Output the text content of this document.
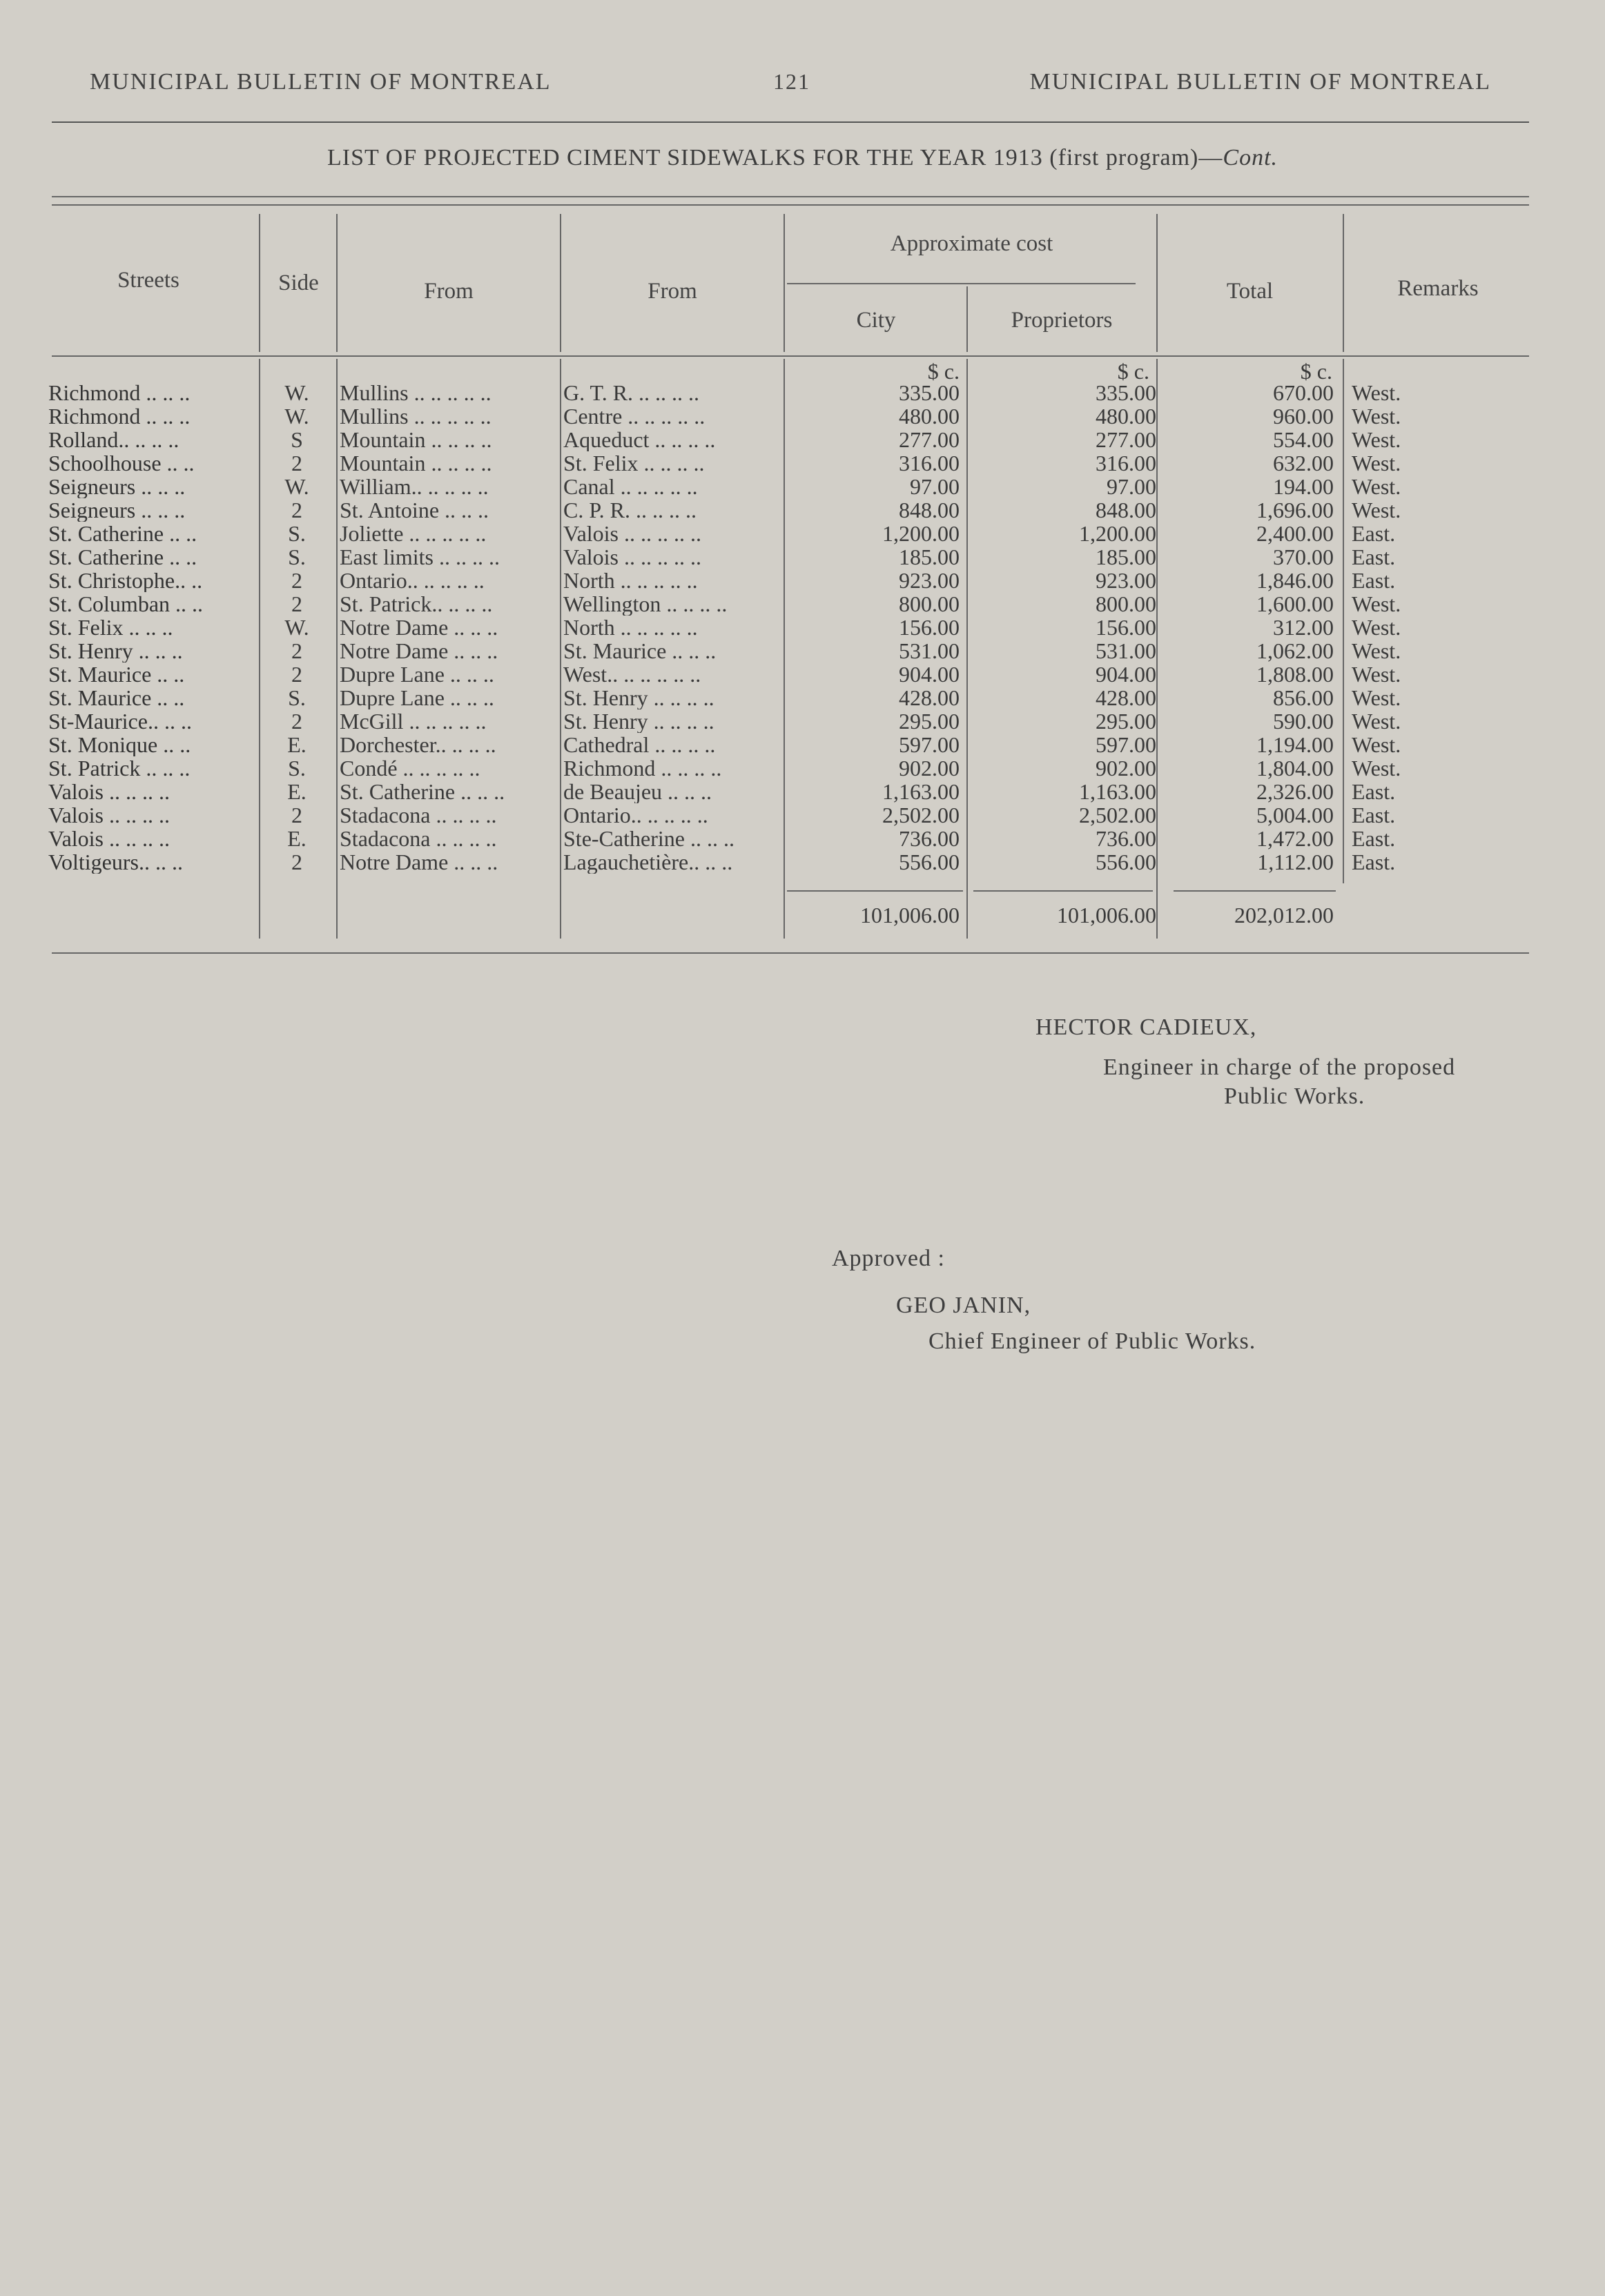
MUNICIPAL BULLETIN OF MONTREAL	121	MUNICIPAL BULLETIN OF MONTREAL
LIST OF PROJECTED CIMENT SIDEWALKS FOR THE YEAR 1913 (first program)—Cont.
Streets	Side	From	From
Approximate cost
City	Proprietors
Total	Remarks
$ c.	$ c.	$ c.
Richmond .. .. ..	W.	Mullins .. .. .. .. ..	G. T. R. .. .. .. ..	335.00	335.00	670.00 West.
Richmond .. .. ..	W.	Mullins .. .. .. .. ..	Centre .. .. .. .. ..	480.00	480.00	960.00 West.
Rolland.. .. .. ..	S	Mountain .. .. .. ..	Aqueduct .. .. .. ..	277.00	277.00	554.00 West.
Schoolhouse .. ..	2	Mountain .. .. .. ..	St. Felix .. .. .. ..	316.00	316.00	632.00 West.
Seigneurs .. .. ..	W.	William.. .. .. .. ..	Canal .. .. .. .. ..	97.00	97.00	194.00 West.
Seigneurs .. .. ..	2	St. Antoine .. .. ..	C. P. R. .. .. .. ..	848.00	848.00	1,696.00 West.
St. Catherine .. ..	S.	Joliette .. .. .. .. ..	Valois .. .. .. .. ..	1,200.00	1,200.00	2,400.00 East.
St. Catherine .. ..	S.	East limits .. .. .. ..	Valois .. .. .. .. ..	185.00	185.00	370.00 East.
St. Christophe.. ..	2	Ontario.. .. .. .. ..	North .. .. .. .. ..	923.00	923.00	1,846.00 East.
St. Columban .. ..	2	St. Patrick.. .. .. ..	Wellington .. .. .. ..	800.00	800.00	1,600.00 West.
St. Felix .. .. ..	W.	Notre Dame .. .. ..	North .. .. .. .. ..	156.00	156.00	312.00 West.
St. Henry .. .. ..	2	Notre Dame .. .. ..	St. Maurice .. .. ..	531.00	531.00	1,062.00 West.
St. Maurice .. ..	2	Dupre Lane .. .. ..	West.. .. .. .. .. ..	904.00	904.00	1,808.00 West.
St. Maurice .. ..	S.	Dupre Lane .. .. ..	St. Henry .. .. .. ..	428.00	428.00	856.00 West.
St-Maurice.. .. ..	2	McGill .. .. .. .. ..	St. Henry .. .. .. ..	295.00	295.00	590.00 West.
St. Monique .. ..	E.	Dorchester.. .. .. ..	Cathedral .. .. .. ..	597.00	597.00	1,194.00 West.
St. Patrick .. .. ..	S.	Condé .. .. .. .. ..	Richmond .. .. .. ..	902.00	902.00	1,804.00 West.
Valois .. .. .. ..	E.	St. Catherine .. .. ..	de Beaujeu .. .. ..	1,163.00	1,163.00	2,326.00 East.
Valois .. .. .. ..	2	Stadacona .. .. .. ..	Ontario.. .. .. .. ..	2,502.00	2,502.00	5,004.00 East.
Valois .. .. .. ..	E.	Stadacona .. .. .. ..	Ste-Catherine .. .. ..	736.00	736.00	1,472.00 East.
Voltigeurs.. .. ..	2	Notre Dame .. .. ..	Lagauchetière.. .. ..	556.00	556.00	1,112.00 East.
101,006.00	101,006.00	202,012.00
HECTOR CADIEUX,
Engineer in charge of the proposed
Public Works.
Approved :
GEO JANIN,
Chief Engineer of Public Works.
